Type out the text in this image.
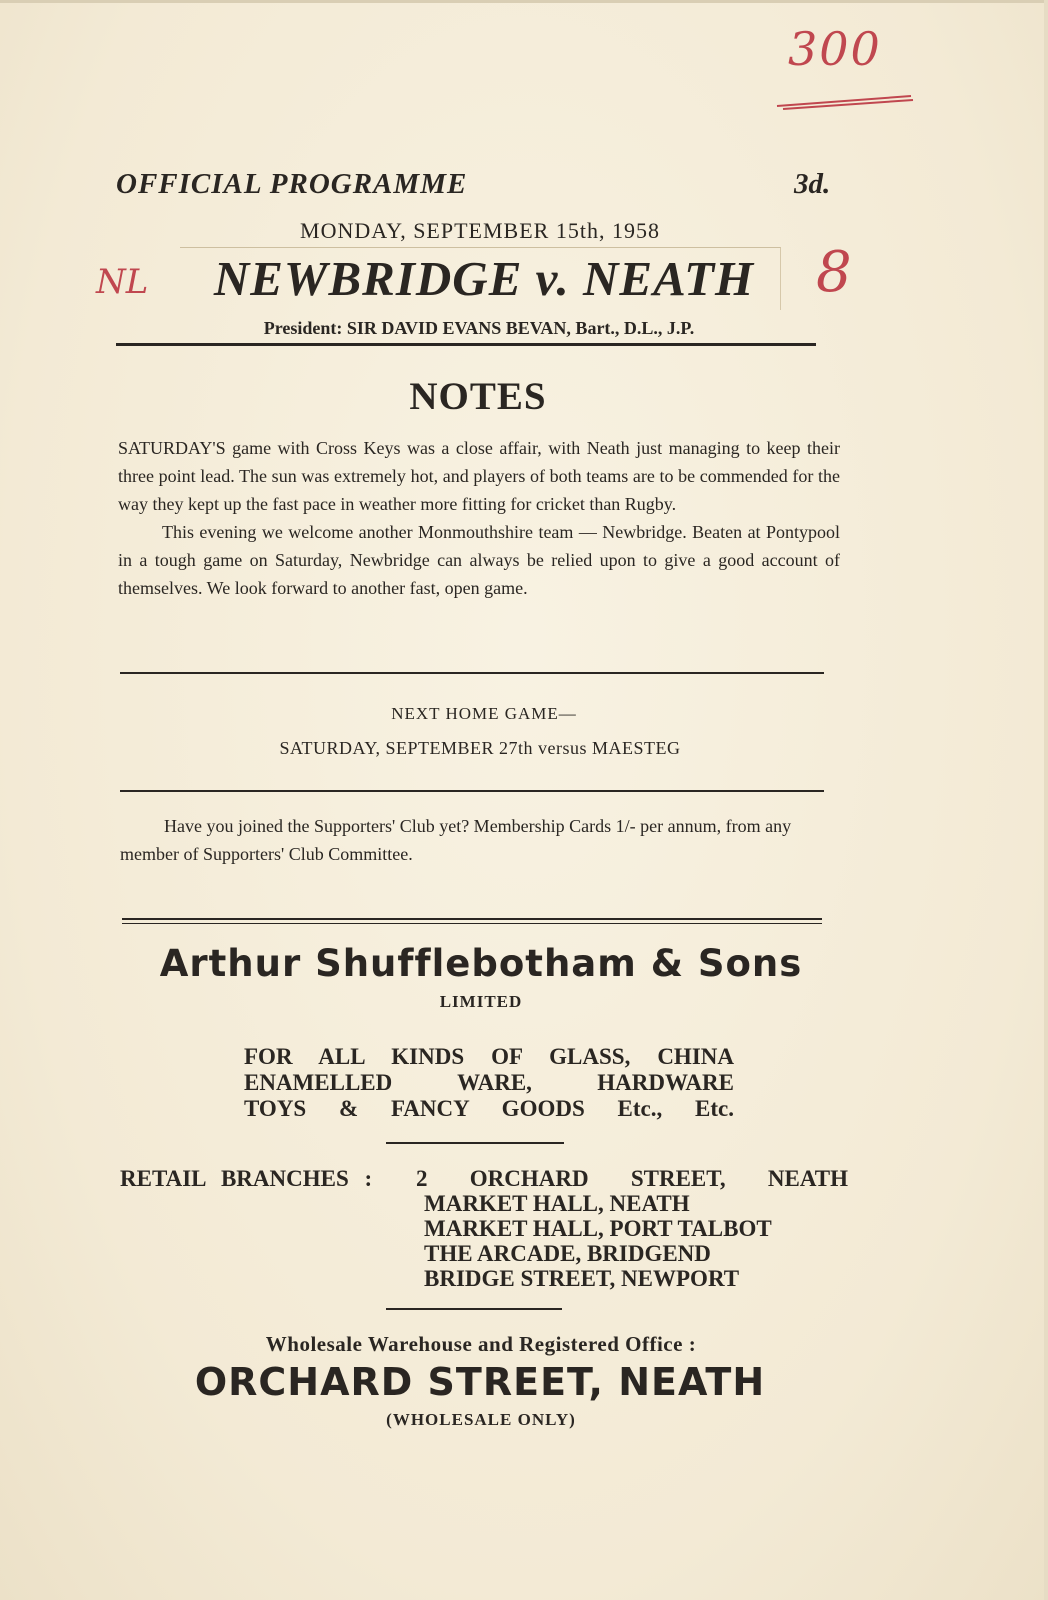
300
NL	8
OFFICIAL PROGRAMME	3d.
MONDAY, SEPTEMBER 15th, 1958
NEWBRIDGE v. NEATH
President: SIR DAVID EVANS BEVAN, Bart., D.L., J.P.
NOTES

SATURDAY'S game with Cross Keys was a close affair, with Neath just managing to keep their three point lead. The sun was extremely hot, and players of both teams are to be commended for the way they kept up the fast pace in weather more fitting for cricket than Rugby.

This evening we welcome another Monmouthshire team — Newbridge. Beaten at Pontypool in a tough game on Saturday, Newbridge can always be relied upon to give a good account of themselves. We look forward to another fast, open game.

NEXT HOME GAME—
SATURDAY, SEPTEMBER 27th versus MAESTEG

Have you joined the Supporters' Club yet? Membership Cards 1/- per annum, from any member of Supporters' Club Committee.

Arthur Shufflebotham & Sons
LIMITED
FOR ALL KINDS OF GLASS, CHINA
ENAMELLED WARE, HARDWARE
TOYS & FANCY GOODS Etc., Etc.
RETAIL BRANCHES :	2 ORCHARD STREET, NEATH
MARKET HALL, NEATH
MARKET HALL, PORT TALBOT
THE ARCADE, BRIDGEND
BRIDGE STREET, NEWPORT
Wholesale Warehouse and Registered Office :
ORCHARD STREET, NEATH
(WHOLESALE ONLY)
